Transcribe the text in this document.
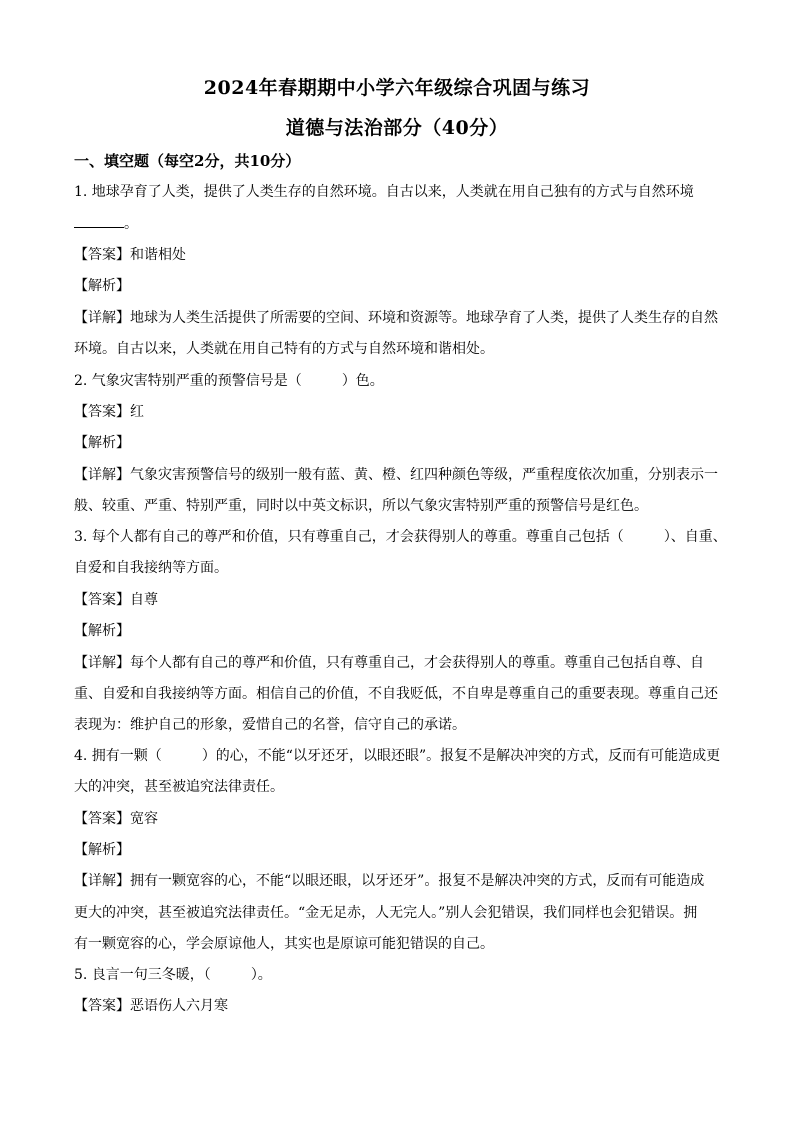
2024年春期期中小学六年级综合巩固与练习
道德与法治部分（40分）
一、填空题（每空2分，共10分）
1. 地球孕育了人类，提供了人类生存的自然环境。自古以来，人类就在用自己独有的方式与自然环境
。
【答案】和谐相处
【解析】
【详解】地球为人类生活提供了所需要的空间、环境和资源等。地球孕育了人类，提供了人类生存的自然
环境。自古以来，人类就在用自己特有的方式与自然环境和谐相处。
2. 气象灾害特别严重的预警信号是（	）色。
【答案】红
【解析】
【详解】气象灾害预警信号的级别一般有蓝、黄、橙、红四种颜色等级，严重程度依次加重，分别表示一
般、较重、严重、特别严重，同时以中英文标识，所以气象灾害特别严重的预警信号是红色。
3. 每个人都有自己的尊严和价值，只有尊重自己，才会获得别人的尊重。尊重自己包括（	）、自重、
自爱和自我接纳等方面。
【答案】自尊
【解析】
【详解】每个人都有自己的尊严和价值，只有尊重自己，才会获得别人的尊重。尊重自己包括自尊、自
重、自爱和自我接纳等方面。相信自己的价值，不自我贬低，不自卑是尊重自己的重要表现。尊重自己还
表现为：维护自己的形象，爱惜自己的名誉，信守自己的承诺。
4. 拥有一颗（	）的心，不能“以牙还牙，以眼还眼”。报复不是解决冲突的方式，反而有可能造成更
大的冲突，甚至被追究法律责任。
【答案】宽容
【解析】
【详解】拥有一颗宽容的心，不能“以眼还眼，以牙还牙”。报复不是解决冲突的方式，反而有可能造成
更大的冲突，甚至被追究法律责任。“金无足赤，人无完人。”别人会犯错误，我们同样也会犯错误。拥
有一颗宽容的心，学会原谅他人，其实也是原谅可能犯错误的自己。
5. 良言一句三冬暖，（	）。
【答案】恶语伤人六月寒
